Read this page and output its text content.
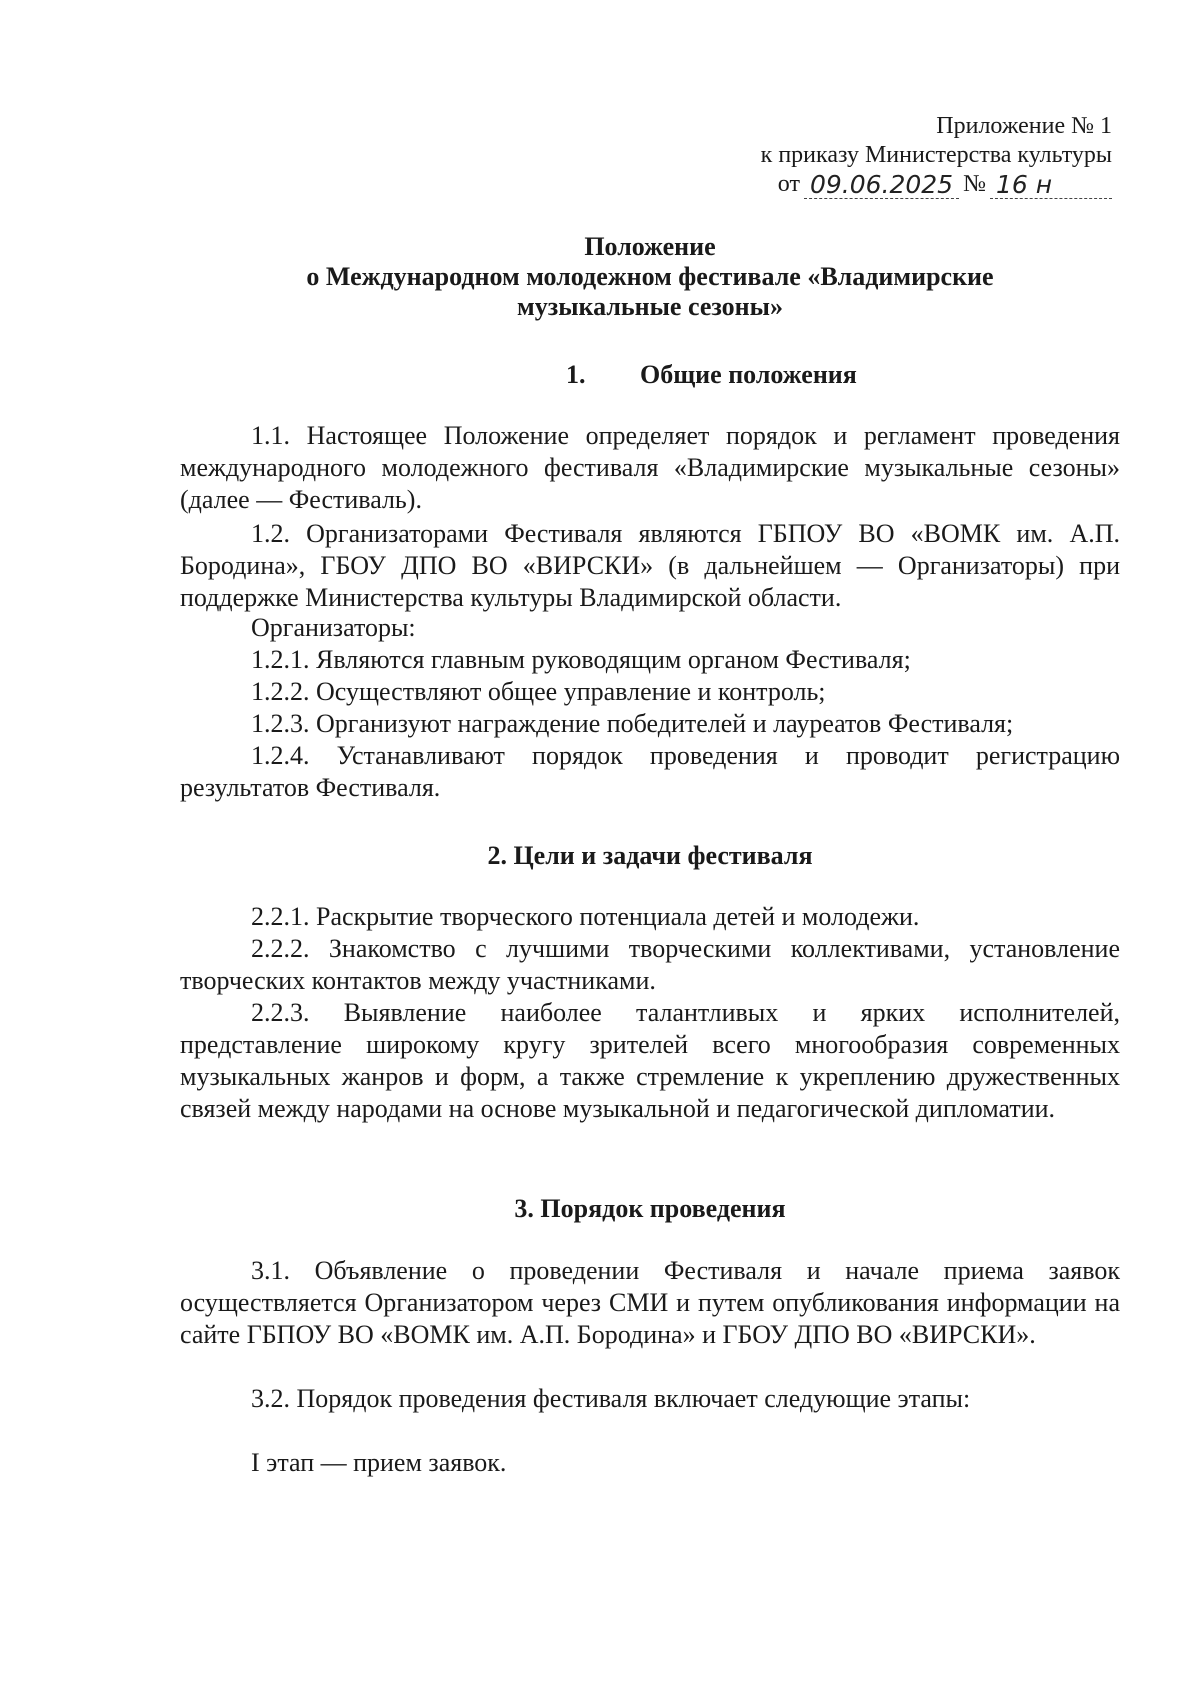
Приложение № 1
к приказу Министерства культуры
от 09.06.2025 № 16 н
Положение
о Международном молодежном фестивале «Владимирские
музыкальные сезоны»
1. Общие положения

1.1. Настоящее Положение определяет порядок и регламент проведения международного молодежного фестиваля «Владимирские музыкальные сезоны» (далее — Фестиваль).

1.2. Организаторами Фестиваля являются ГБПОУ ВО «ВОМК им. А.П. Бородина», ГБОУ ДПО ВО «ВИРСКИ» (в дальнейшем — Организаторы) при поддержке Министерства культуры Владимирской области.

Организаторы:

1.2.1. Являются главным руководящим органом Фестиваля;

1.2.2. Осуществляют общее управление и контроль;

1.2.3. Организуют награждение победителей и лауреатов Фестиваля;

1.2.4. Устанавливают порядок проведения и проводит регистрацию результатов Фестиваля.

2. Цели и задачи фестиваля

2.2.1. Раскрытие творческого потенциала детей и молодежи.

2.2.2. Знакомство с лучшими творческими коллективами, установление творческих контактов между участниками.

2.2.3. Выявление наиболее талантливых и ярких исполнителей, представление широкому кругу зрителей всего многообразия современных музыкальных жанров и форм, а также стремление к укреплению дружественных связей между народами на основе музыкальной и педагогической дипломатии.

3. Порядок проведения

3.1. Объявление о проведении Фестиваля и начале приема заявок осуществляется Организатором через СМИ и путем опубликования информации на сайте ГБПОУ ВО «ВОМК им. А.П. Бородина» и ГБОУ ДПО ВО «ВИРСКИ».

3.2. Порядок проведения фестиваля включает следующие этапы:

I этап — прием заявок.
